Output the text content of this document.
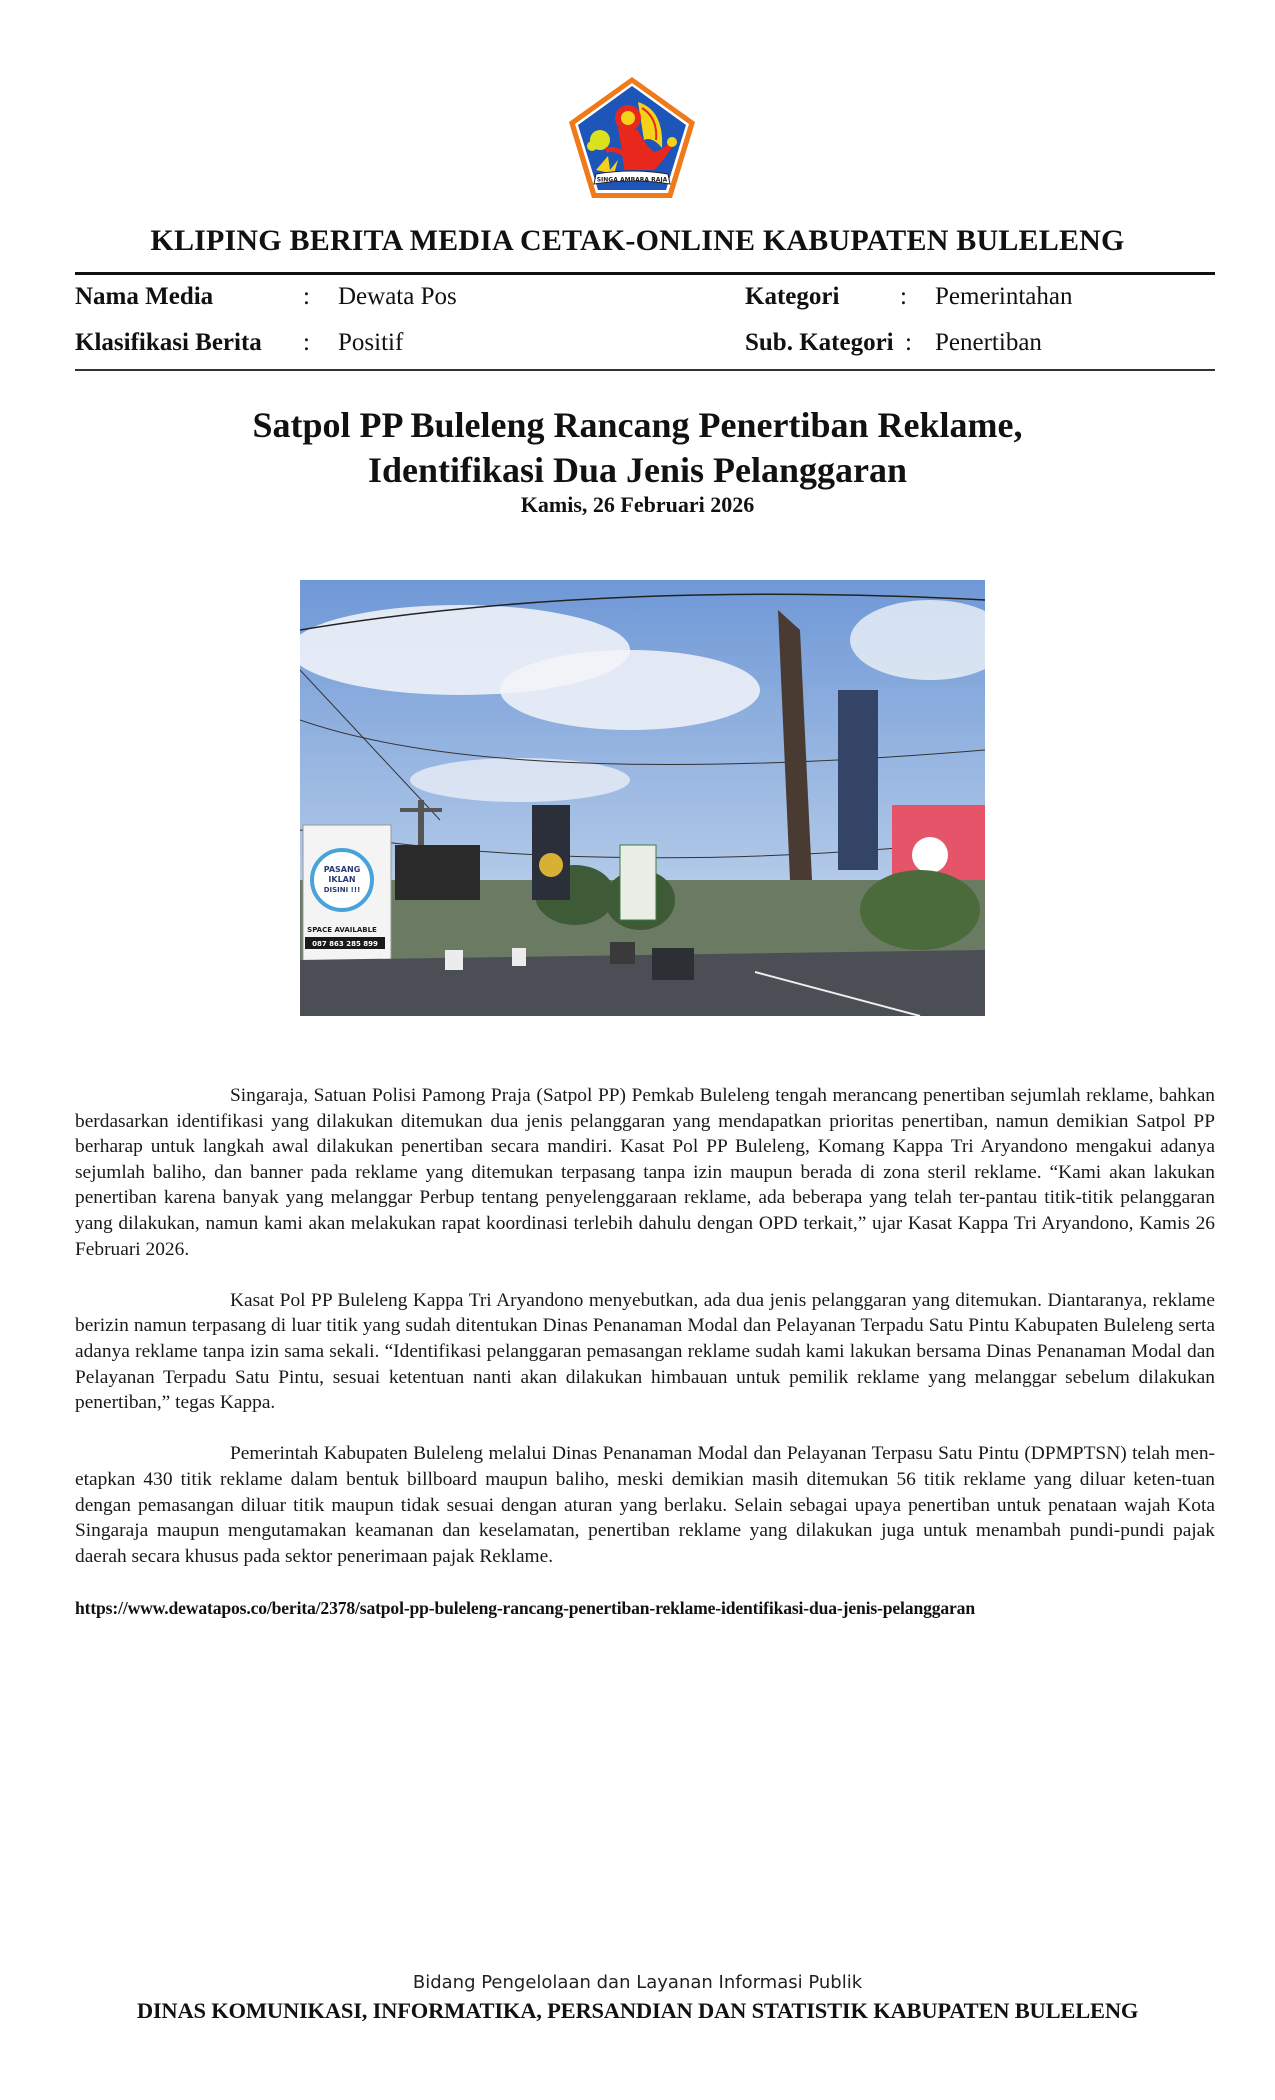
SINGA AMBARA RAJA
KLIPING BERITA MEDIA CETAK-ONLINE KABUPATEN BULELENG
Nama Media	: Dewata Pos
Klasifikasi Berita : Positif
Kategori : Pemerintahan
Sub. Kategori : Penertiban
Satpol PP Buleleng Rancang Penertiban Reklame,
Identifikasi Dua Jenis Pelanggaran
Kamis, 26 Februari 2026
PASANG
IKLAN
DISINI !!!
SPACE AVAILABLE
087 863 285 899

Singaraja, Satuan Polisi Pamong Praja (Satpol PP) Pemkab Buleleng tengah merancang penertiban sejumlah reklame, bahkan berdasarkan identifikasi yang dilakukan ditemukan dua jenis pelanggaran yang mendapatkan prioritas penertiban, namun demikian Satpol PP berharap untuk langkah awal dilakukan penertiban secara mandiri. Kasat Pol PP Buleleng, Komang Kappa Tri Aryandono mengakui adanya sejumlah baliho, dan banner pada reklame yang ditemukan terpasang tanpa izin maupun berada di zona steril reklame. “Kami akan lakukan penertiban karena banyak yang melanggar Perbup tentang penyelenggaraan reklame, ada beberapa yang telah ter-pantau titik-titik pelanggaran yang dilakukan, namun kami akan melakukan rapat koordinasi terlebih dahulu dengan OPD terkait,” ujar Kasat Kappa Tri Aryandono, Kamis 26 Februari 2026.

Kasat Pol PP Buleleng Kappa Tri Aryandono menyebutkan, ada dua jenis pelanggaran yang ditemukan. Diantaranya, reklame berizin namun terpasang di luar titik yang sudah ditentukan Dinas Penanaman Modal dan Pelayanan Terpadu Satu Pintu Kabupaten Buleleng serta adanya reklame tanpa izin sama sekali. “Identifikasi pelanggaran pemasangan reklame sudah kami lakukan bersama Dinas Penanaman Modal dan Pelayanan Terpadu Satu Pintu, sesuai ketentuan nanti akan dilakukan himbauan untuk pemilik reklame yang melanggar sebelum dilakukan penertiban,” tegas Kappa.

Pemerintah Kabupaten Buleleng melalui Dinas Penanaman Modal dan Pelayanan Terpasu Satu Pintu (DPMPTSN) telah men-etapkan 430 titik reklame dalam bentuk billboard maupun baliho, meski demikian masih ditemukan 56 titik reklame yang diluar keten-tuan dengan pemasangan diluar titik maupun tidak sesuai dengan aturan yang berlaku. Selain sebagai upaya penertiban untuk penataan wajah Kota Singaraja maupun mengutamakan keamanan dan keselamatan, penertiban reklame yang dilakukan juga untuk menambah pundi-pundi pajak daerah secara khusus pada sektor penerimaan pajak Reklame.

https://www.dewatapos.co/berita/2378/satpol-pp-buleleng-rancang-penertiban-reklame-identifikasi-dua-jenis-pelanggaran
Bidang Pengelolaan dan Layanan Informasi Publik
DINAS KOMUNIKASI, INFORMATIKA, PERSANDIAN DAN STATISTIK KABUPATEN BULELENG
